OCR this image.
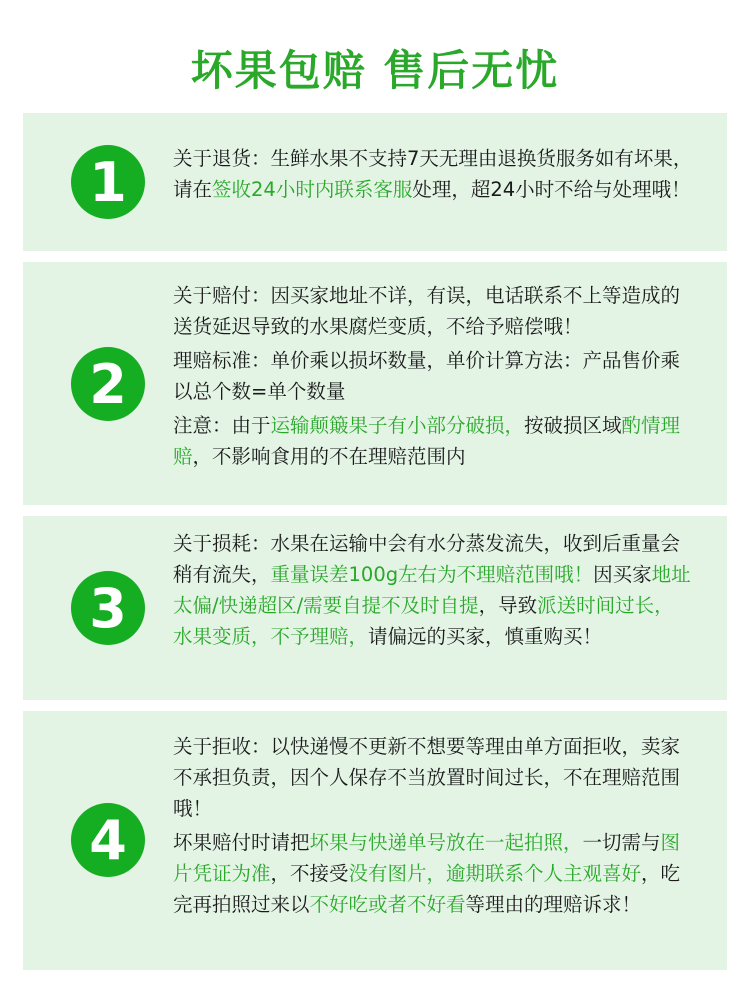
坏果包赔 售后无忧
1	关于退货：生鲜水果不支持7天无理由退换货服务如有坏果，请在签收24小时内联系客服处理，超24小时不给与处理哦！

2

关于赔付：因买家地址不详，有误，电话联系不上等造成的送货延迟导致的水果腐烂变质，不给予赔偿哦！

理赔标准：单价乘以损坏数量，单价计算方法：产品售价乘以总个数=单个数量

注意：由于运输颠簸果子有小部分破损，按破损区域酌情理赔，不影响食用的不在理赔范围内

3

关于损耗：水果在运输中会有水分蒸发流失，收到后重量会稍有流失，重量误差100g左右为不理赔范围哦！因买家地址太偏/快递超区/需要自提不及时自提，导致派送时间过长，水果变质，不予理赔，请偏远的买家，慎重购买！

4

关于拒收：以快递慢不更新不想要等理由单方面拒收，卖家不承担负责，因个人保存不当放置时间过长，不在理赔范围哦！

坏果赔付时请把坏果与快递单号放在一起拍照，一切需与图片凭证为准，不接受没有图片，逾期联系个人主观喜好，吃完再拍照过来以不好吃或者不好看等理由的理赔诉求！
